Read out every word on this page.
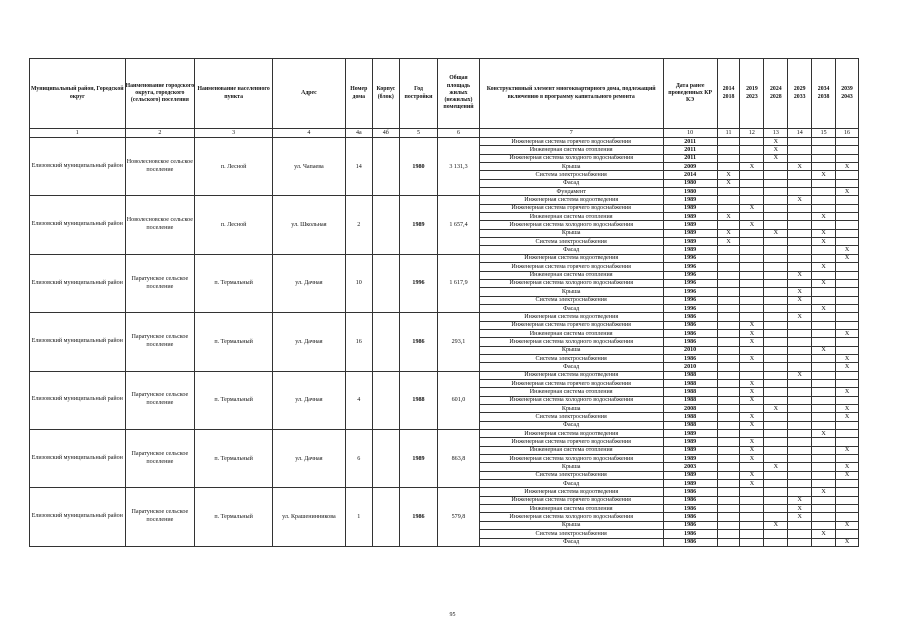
Муниципальный район, Городской округ	Наименование городского округа, городского (сельского) поселения	Наименование населенного пункта	Адрес	Номер дома	Корпус (блок)	Год постройки	Общая площадь жилых (нежилых) помещений	Конструктивный элемент многоквартирного дома, подлежащий включению в программу капитального ремонта	Дата ранее проведенных КР КЭ	2014 2018	2019 2023	2024 2028	2029 2033	2034 2038	2039 2043
1	2	3	4	4а	4б	5	6	7	10	11	12	13	14	15	16
Елизовский муниципальный район	Новолесновское сельское поселение	п. Лесной	ул. Чапаева	14		1980	3 131,3	Инженерная система горячего водоснабжения	2011			X			
								Инженерная система отопления	2011			X			
								Инженерная система холодного водоснабжения	2011			X			
								Крыша	2009		X		X		X
								Система электроснабжения	2014	X				X	
								Фасад	1980	X					
								Фундамент	1980						X
Елизовский муниципальный район	Новолесновское сельское поселение	п. Лесной	ул. Школьная	2		1989	1 657,4	Инженерная система водоотведения	1989				X		
								Инженерная система горячего водоснабжения	1989		X				
								Инженерная система отопления	1989	X				X	
								Инженерная система холодного водоснабжения	1989		X				
								Крыша	1989	X		X		X	
								Система электроснабжения	1989	X				X	
								Фасад	1989						X
Елизовский муниципальный район	Паратунское сельское поселение	п. Термальный	ул. Дачная	10		1996	1 617,9	Инженерная система водоотведения	1996						X
								Инженерная система горячего водоснабжения	1996					X	
								Инженерная система отопления	1996				X		
								Инженерная система холодного водоснабжения	1996					X	
								Крыша	1996				X		
								Система электроснабжения	1996				X		
								Фасад	1996					X	
Елизовский муниципальный район	Паратунское сельское поселение	п. Термальный	ул. Дачная	16		1986	293,1	Инженерная система водоотведения	1986				X		
								Инженерная система горячего водоснабжения	1986		X				
								Инженерная система отопления	1986		X				X
								Инженерная система холодного водоснабжения	1986		X				
								Крыша	2010					X	
								Система электроснабжения	1986		X				X
								Фасад	2010						X
Елизовский муниципальный район	Паратунское сельское поселение	п. Термальный	ул. Дачная	4		1988	601,0	Инженерная система водоотведения	1988				X		
								Инженерная система горячего водоснабжения	1988		X				
								Инженерная система отопления	1988		X				X
								Инженерная система холодного водоснабжения	1988		X				
								Крыша	2008			X			X
								Система электроснабжения	1988		X				X
								Фасад	1988		X				
Елизовский муниципальный район	Паратунское сельское поселение	п. Термальный	ул. Дачная	6		1989	863,8	Инженерная система водоотведения	1989					X	
								Инженерная система горячего водоснабжения	1989		X				
								Инженерная система отопления	1989		X				X
								Инженерная система холодного водоснабжения	1989		X				
								Крыша	2003			X			X
								Система электроснабжения	1989		X				X
								Фасад	1989		X				
Елизовский муниципальный район	Паратунское сельское поселение	п. Термальный	ул. Крашенинникова	1		1986	579,8	Инженерная система водоотведения	1986					X	
								Инженерная система горячего водоснабжения	1986				X		
								Инженерная система отопления	1986				X		
								Инженерная система холодного водоснабжения	1986				X		
								Крыша	1986			X			X
								Система электроснабжения	1986					X	
								Фасад	1986						X
95
